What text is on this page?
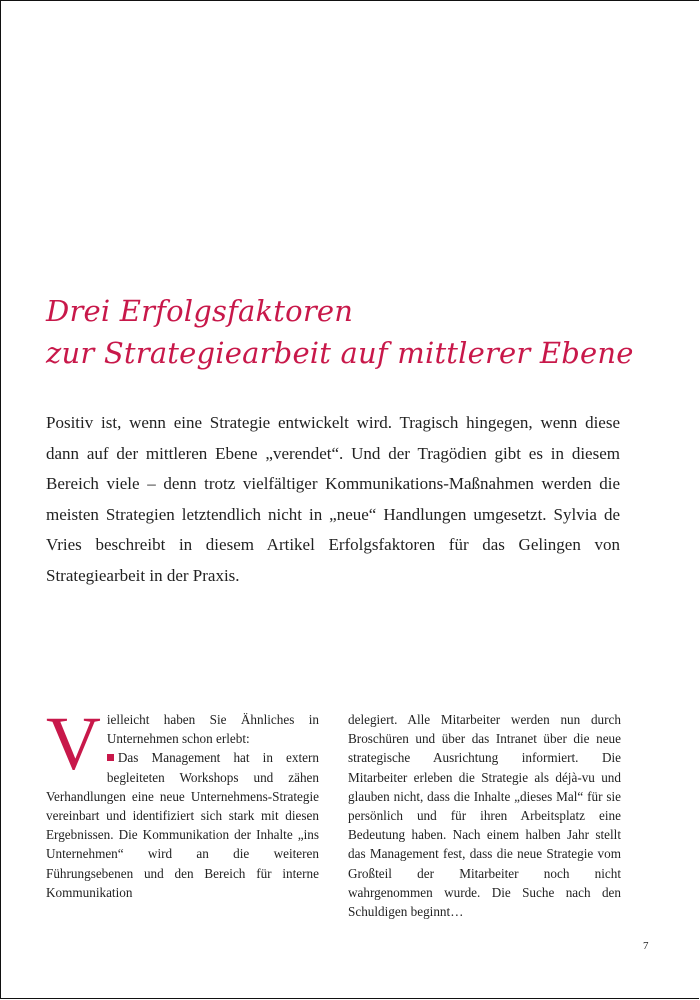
Drei Erfolgsfaktoren
zur Strategiearbeit auf mittlerer Ebene

Positiv ist, wenn eine Strategie entwickelt wird. Tragisch hingegen, wenn diese dann auf der mittleren Ebene „verendet“. Und der Tragödien gibt es in diesem Bereich viele – denn trotz vielfältiger Kommunikations-Maßnahmen werden die meisten Strategien letztendlich nicht in „neue“ Handlungen umgesetzt. Sylvia de Vries beschreibt in diesem Artikel Erfolgsfaktoren für das Gelingen von Strategiearbeit in der Praxis.

V ielleicht haben Sie Ähnliches in Unternehmen schon erlebt:

Das Management hat in extern begleiteten Workshops und zähen Verhandlungen eine neue Unternehmens-Strategie vereinbart und identifiziert sich stark mit diesen Ergebnissen. Die Kommunikation der Inhalte „ins Unternehmen“ wird an die weiteren Führungsebenen und den Bereich für interne Kommunikation

delegiert. Alle Mitarbeiter werden nun durch Broschüren und über das Intranet über die neue strategische Ausrichtung informiert. Die Mitarbeiter erleben die Strategie als déjà-vu und glauben nicht, dass die Inhalte „dieses Mal“ für sie persönlich und für ihren Arbeitsplatz eine Bedeutung haben. Nach einem halben Jahr stellt das Management fest, dass die neue Strategie vom Großteil der Mitarbeiter noch nicht wahrgenommen wurde. Die Suche nach den Schuldigen beginnt…

7
